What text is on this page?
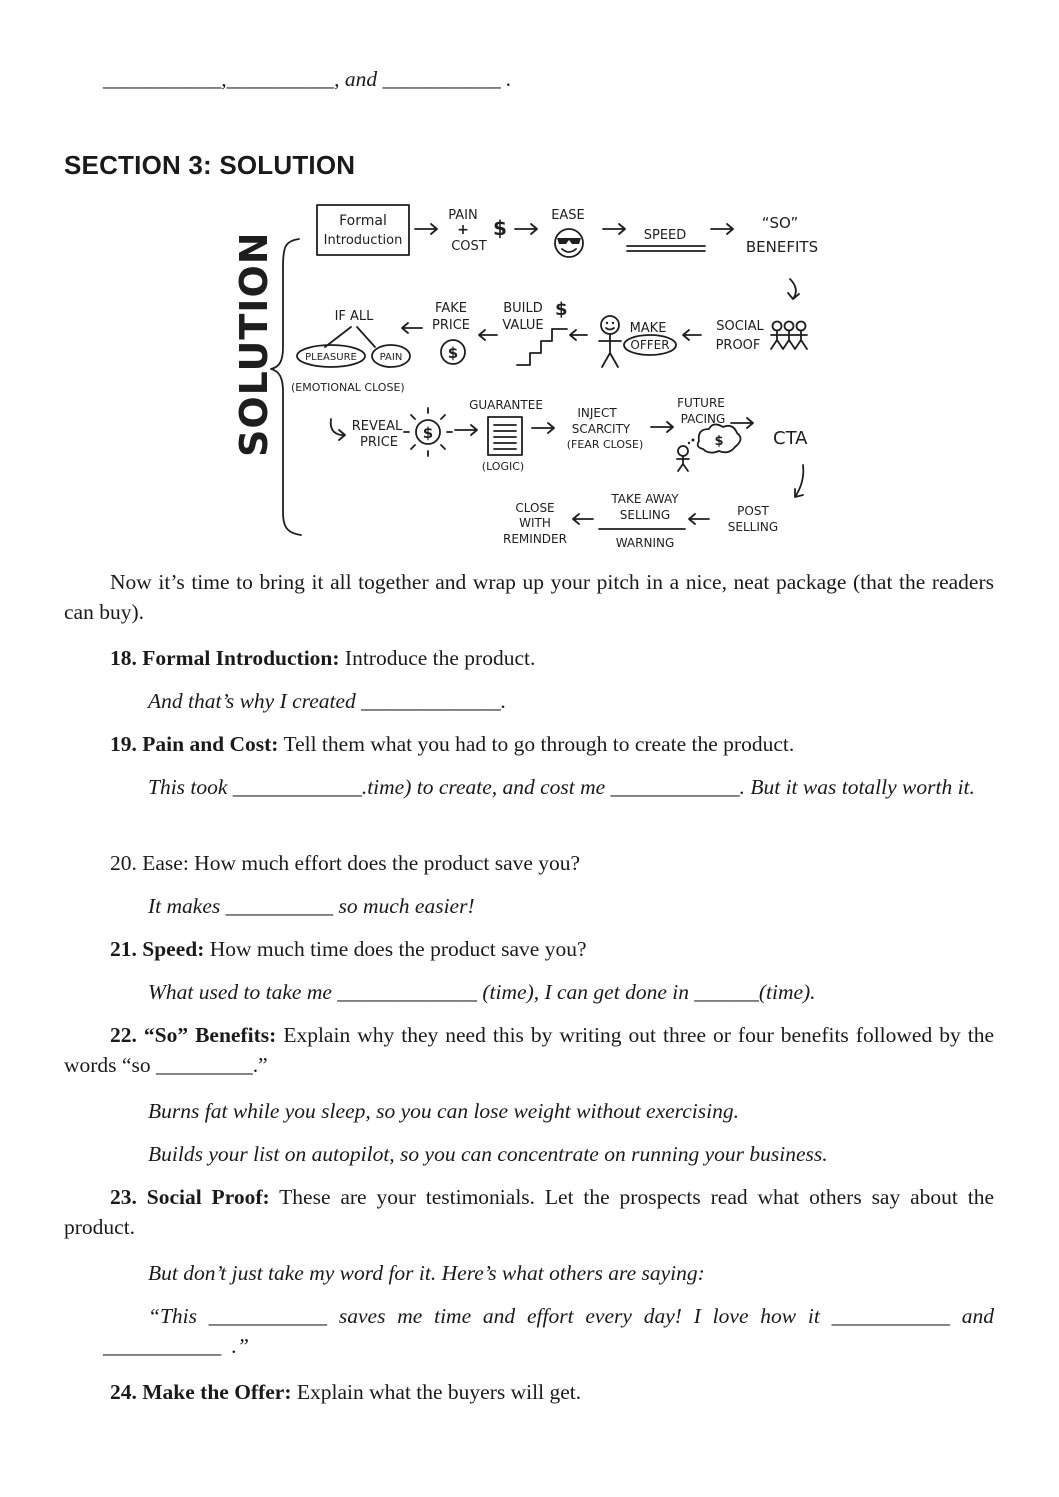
___________,__________, and ___________ .

SECTION 3: SOLUTION
SOLUTION
Formal
Introduction
PAIN
+
COST
$
EASE
SPEED
“SO”
BENEFITS
IF ALL
PLEASURE PAIN
(EMOTIONAL CLOSE)
FAKE
PRICE
$
BUILD $
VALUE	MAKE
OFFER
SOCIAL
PROOF
REVEAL
PRICE
$
GUARANTEE
(LOGIC)
INJECT
SCARCITY
(FEAR CLOSE)
FUTURE
PACING
$	CTA
CLOSE
WITH
REMINDER
TAKE AWAY
SELLING
WARNING
POST
SELLING

Now it’s time to bring it all together and wrap up your pitch in a nice, neat package (that the readers can buy).

18. Formal Introduction: Introduce the product.

And that’s why I created _____________.

19. Pain and Cost: Tell them what you had to go through to create the product.

This took ____________.time) to create, and cost me ____________. But it was totally worth it.

20. Ease: How much effort does the product save you?

It makes __________ so much easier!

21. Speed: How much time does the product save you?

What used to take me _____________ (time), I can get done in ______(time).

22. “So” Benefits: Explain why they need this by writing out three or four benefits followed by the words “so _________.”

Burns fat while you sleep, so you can lose weight without exercising.

Builds your list on autopilot, so you can concentrate on running your business.

23. Social Proof: These are your testimonials. Let the prospects read what others say about the product.

But don’t just take my word for it. Here’s what others are saying:

“This ___________ saves me time and effort every day! I love how it ___________ and ___________ .”

24. Make the Offer: Explain what the buyers will get.
